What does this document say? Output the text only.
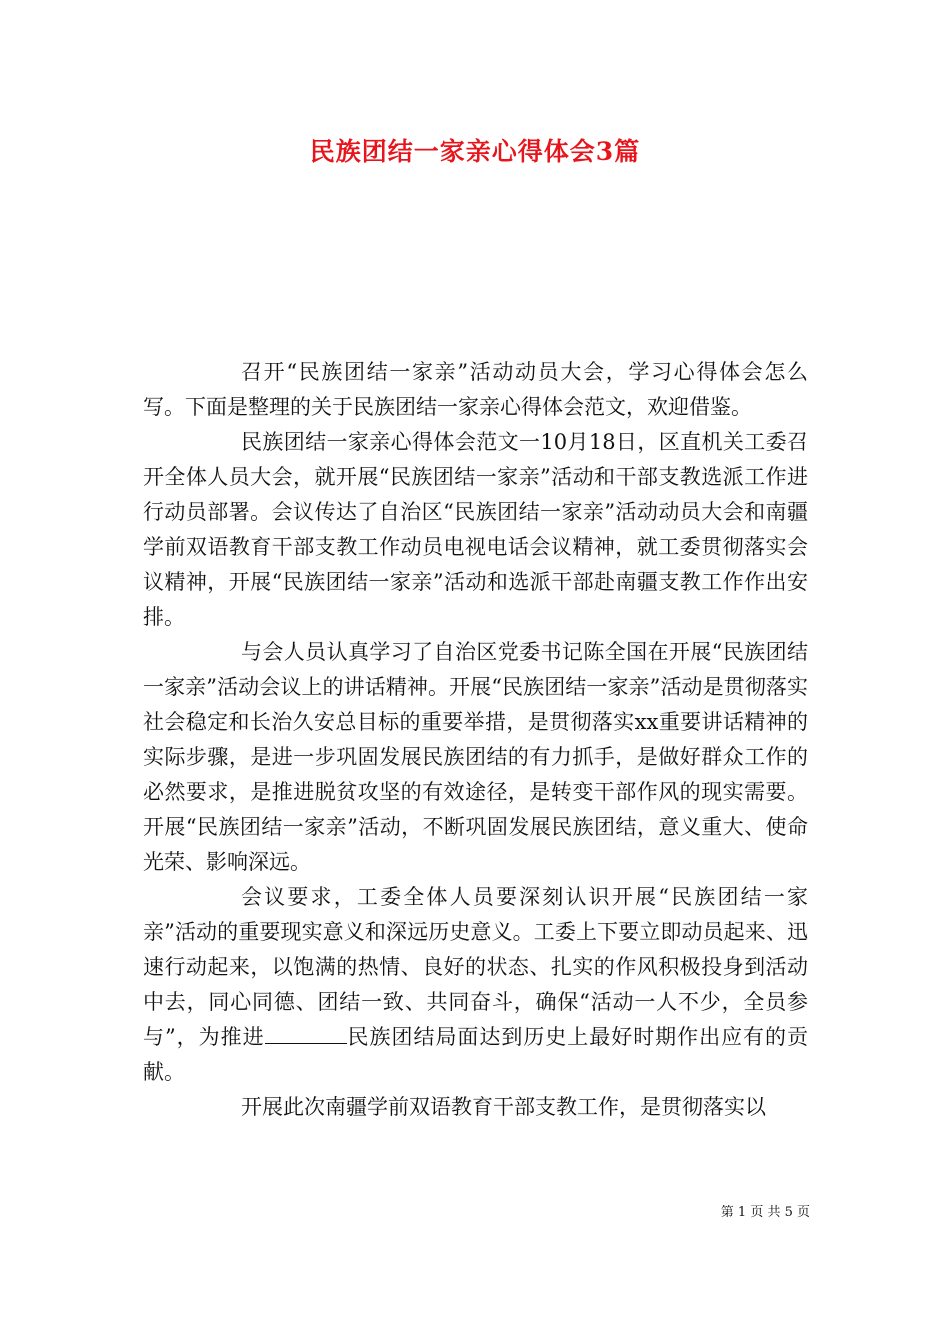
民族团结一家亲心得体会3篇

召开“民族团结一家亲”活动动员大会，学习心得体会怎么写。下面是整理的关于民族团结一家亲心得体会范文，欢迎借鉴。

民族团结一家亲心得体会范文一10月18日，区直机关工委召开全体人员大会，就开展“民族团结一家亲”活动和干部支教选派工作进行动员部署。会议传达了自治区“民族团结一家亲”活动动员大会和南疆学前双语教育干部支教工作动员电视电话会议精神，就工委贯彻落实会议精神，开展“民族团结一家亲”活动和选派干部赴南疆支教工作作出安排。

与会人员认真学习了自治区党委书记陈全国在开展“民族团结一家亲”活动会议上的讲话精神。开展“民族团结一家亲”活动是贯彻落实社会稳定和长治久安总目标的重要举措，是贯彻落实xx重要讲话精神的实际步骤，是进一步巩固发展民族团结的有力抓手，是做好群众工作的必然要求，是推进脱贫攻坚的有效途径，是转变干部作风的现实需要。开展“民族团结一家亲”活动，不断巩固发展民族团结，意义重大、使命光荣、影响深远。

会议要求，工委全体人员要深刻认识开展“民族团结一家亲”活动的重要现实意义和深远历史意义。工委上下要立即动员起来、迅速行动起来，以饱满的热情、良好的状态、扎实的作风积极投身到活动中去，同心同德、团结一致、共同奋斗，确保“活动一人不少，全员参与”，为推进	民族团结局面达到历史上最好时期作出应有的贡献。

开展此次南疆学前双语教育干部支教工作，是贯彻落实以

第 1 页 共 5 页
